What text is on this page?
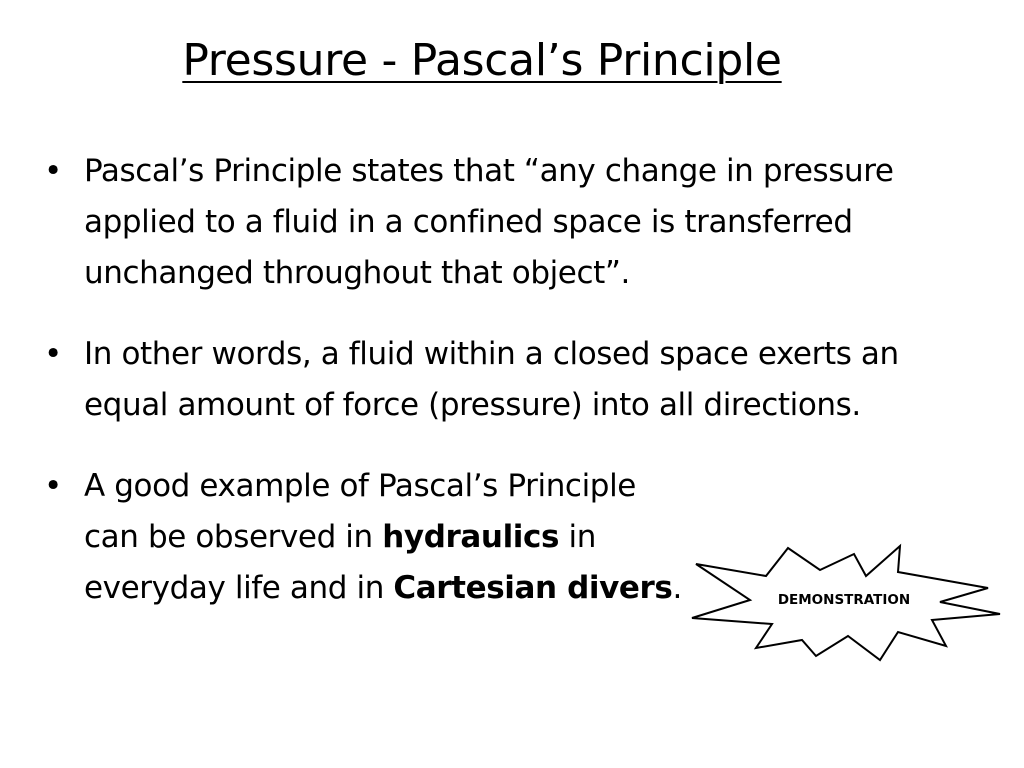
Pressure - Pascal’s Principle
• Pascal’s Principle states that “any change in pressure applied to a fluid in a confined space is transferred unchanged throughout that object”.
• In other words, a fluid within a closed space exerts an equal amount of force (pressure) into all directions.
• A good example of Pascal’s Principle can be observed in hydraulics in everyday life and in Cartesian divers.	DEMONSTRATION
